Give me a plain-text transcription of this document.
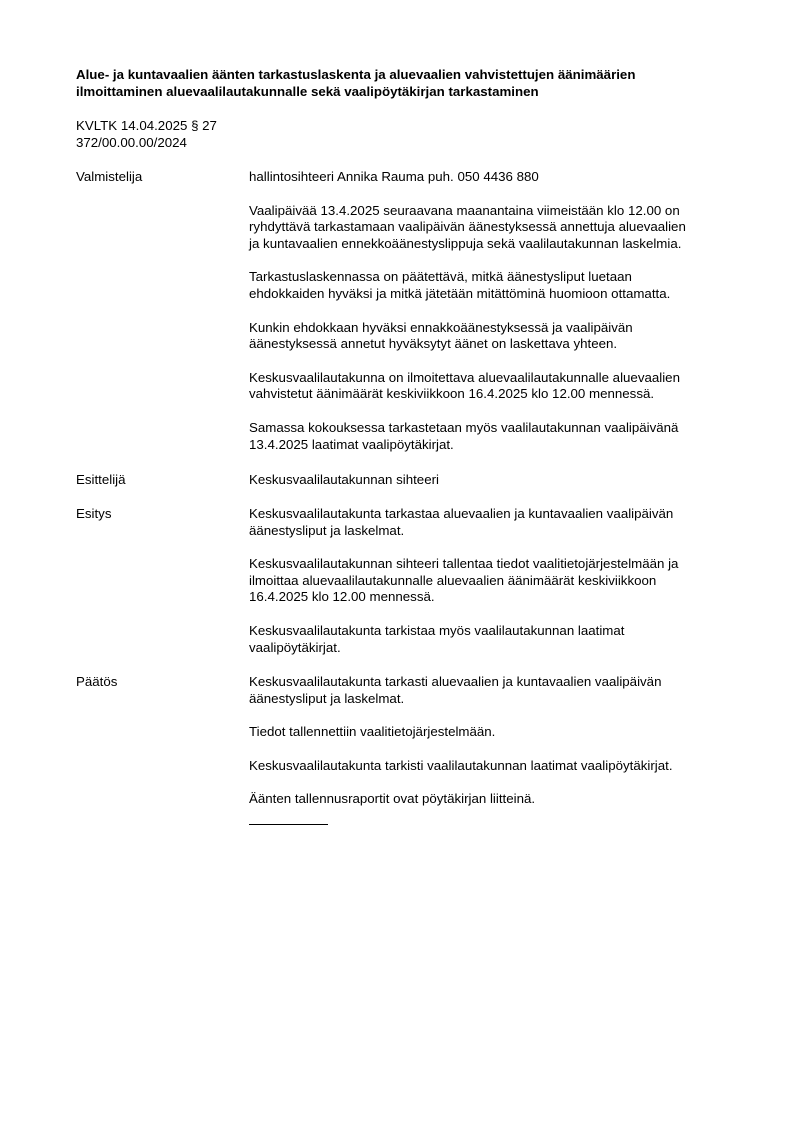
Alue- ja kuntavaalien äänten tarkastuslaskenta ja aluevaalien vahvistettujen äänimäärien
ilmoittaminen aluevaalilautakunnalle sekä vaalipöytäkirjan tarkastaminen
KVLTK 14.04.2025 § 27
372/00.00.00/2024
Valmistelija	hallintosihteeri Annika Rauma puh. 050 4436 880

Vaalipäivää 13.4.2025 seuraavana maanantaina viimeistään klo 12.00 on
ryhdyttävä tarkastamaan vaalipäivän äänestyksessä annettuja aluevaalien
ja kuntavaalien ennekkoäänestyslippuja sekä vaalilautakunnan laskelmia.

Tarkastuslaskennassa on päätettävä, mitkä äänestysliput luetaan
ehdokkaiden hyväksi ja mitkä jätetään mitättöminä huomioon ottamatta.

Kunkin ehdokkaan hyväksi ennakkoäänestyksessä ja vaalipäivän
äänestyksessä annetut hyväksytyt äänet on laskettava yhteen.

Keskusvaalilautakunna on ilmoitettava aluevaalilautakunnalle aluevaalien
vahvistetut äänimäärät keskiviikkoon 16.4.2025 klo 12.00 mennessä.

Samassa kokouksessa tarkastetaan myös vaalilautakunnan vaalipäivänä
13.4.2025 laatimat vaalipöytäkirjat.

Esittelijä	Keskusvaalilautakunnan sihteeri

Esitys	Keskusvaalilautakunta tarkastaa aluevaalien ja kuntavaalien vaalipäivän
äänestysliput ja laskelmat.

Keskusvaalilautakunnan sihteeri tallentaa tiedot vaalitietojärjestelmään ja
ilmoittaa aluevaalilautakunnalle aluevaalien äänimäärät keskiviikkoon
16.4.2025 klo 12.00 mennessä.

Keskusvaalilautakunta tarkistaa myös vaalilautakunnan laatimat
vaalipöytäkirjat.

Päätös	Keskusvaalilautakunta tarkasti aluevaalien ja kuntavaalien vaalipäivän
äänestysliput ja laskelmat.

Tiedot tallennettiin vaalitietojärjestelmään.

Keskusvaalilautakunta tarkisti vaalilautakunnan laatimat vaalipöytäkirjat.

Äänten tallennusraportit ovat pöytäkirjan liitteinä.
